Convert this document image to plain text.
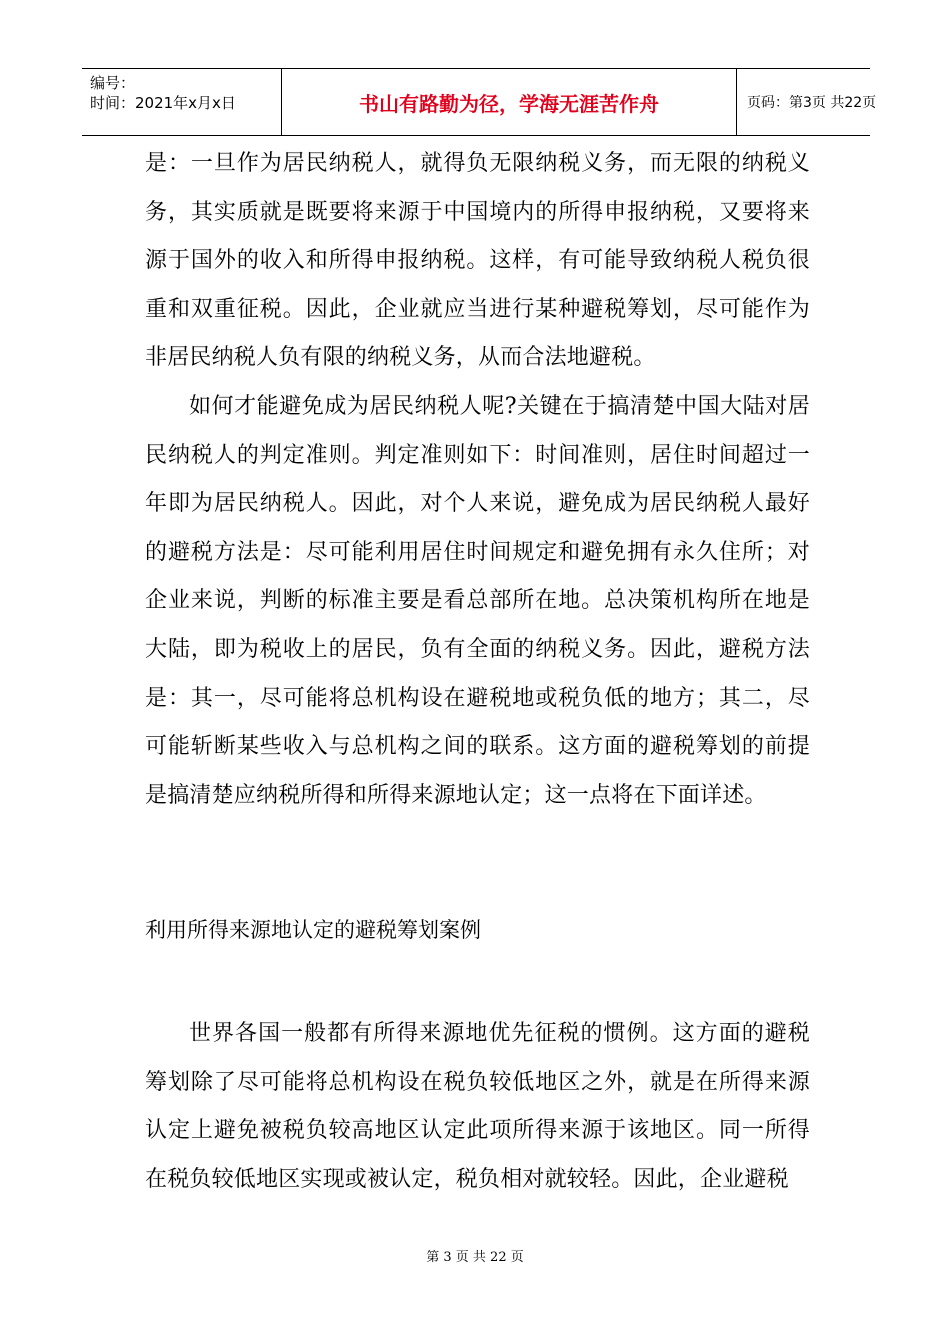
编号：
时间：2021年x月x日	书山有路勤为径，学海无涯苦作舟	页码：第3页 共22页

是：一旦作为居民纳税人，就得负无限纳税义务，而无限的纳税义务，其实质就是既要将来源于中国境内的所得申报纳税，又要将来源于国外的收入和所得申报纳税。这样，有可能导致纳税人税负很重和双重征税。因此，企业就应当进行某种避税筹划，尽可能作为非居民纳税人负有限的纳税义务，从而合法地避税。

如何才能避免成为居民纳税人呢?关键在于搞清楚中国大陆对居民纳税人的判定准则。判定准则如下：时间准则，居住时间超过一年即为居民纳税人。因此，对个人来说，避免成为居民纳税人最好的避税方法是：尽可能利用居住时间规定和避免拥有永久住所；对企业来说，判断的标准主要是看总部所在地。总决策机构所在地是大陆，即为税收上的居民，负有全面的纳税义务。因此，避税方法是：其一，尽可能将总机构设在避税地或税负低的地方；其二，尽可能斩断某些收入与总机构之间的联系。这方面的避税筹划的前提是搞清楚应纳税所得和所得来源地认定；这一点将在下面详述。

利用所得来源地认定的避税筹划案例

世界各国一般都有所得来源地优先征税的惯例。这方面的避税筹划除了尽可能将总机构设在税负较低地区之外，就是在所得来源认定上避免被税负较高地区认定此项所得来源于该地区。同一所得在税负较低地区实现或被认定，税负相对就较轻。因此，企业避税

第 3 页 共 22 页
